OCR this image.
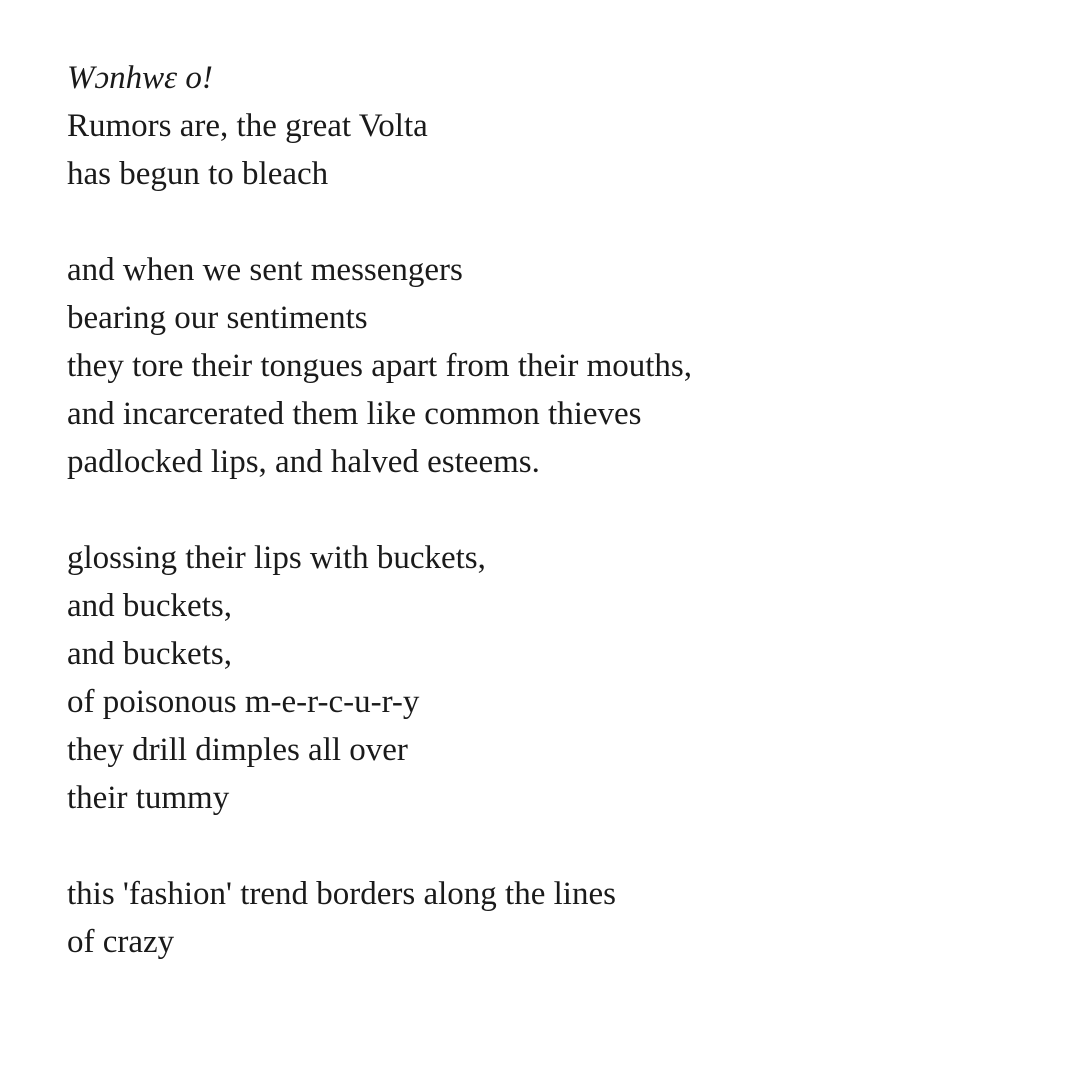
Wɔnhwɛ o!
Rumors are, the great Volta
has begun to bleach
and when we sent messengers
bearing our sentiments
they tore their tongues apart from their mouths,
and incarcerated them like common thieves
padlocked lips, and halved esteems.
glossing their lips with buckets,
and buckets,
and buckets,
of poisonous m-e-r-c-u-r-y
they drill dimples all over
their tummy
this 'fashion' trend borders along the lines
of crazy
